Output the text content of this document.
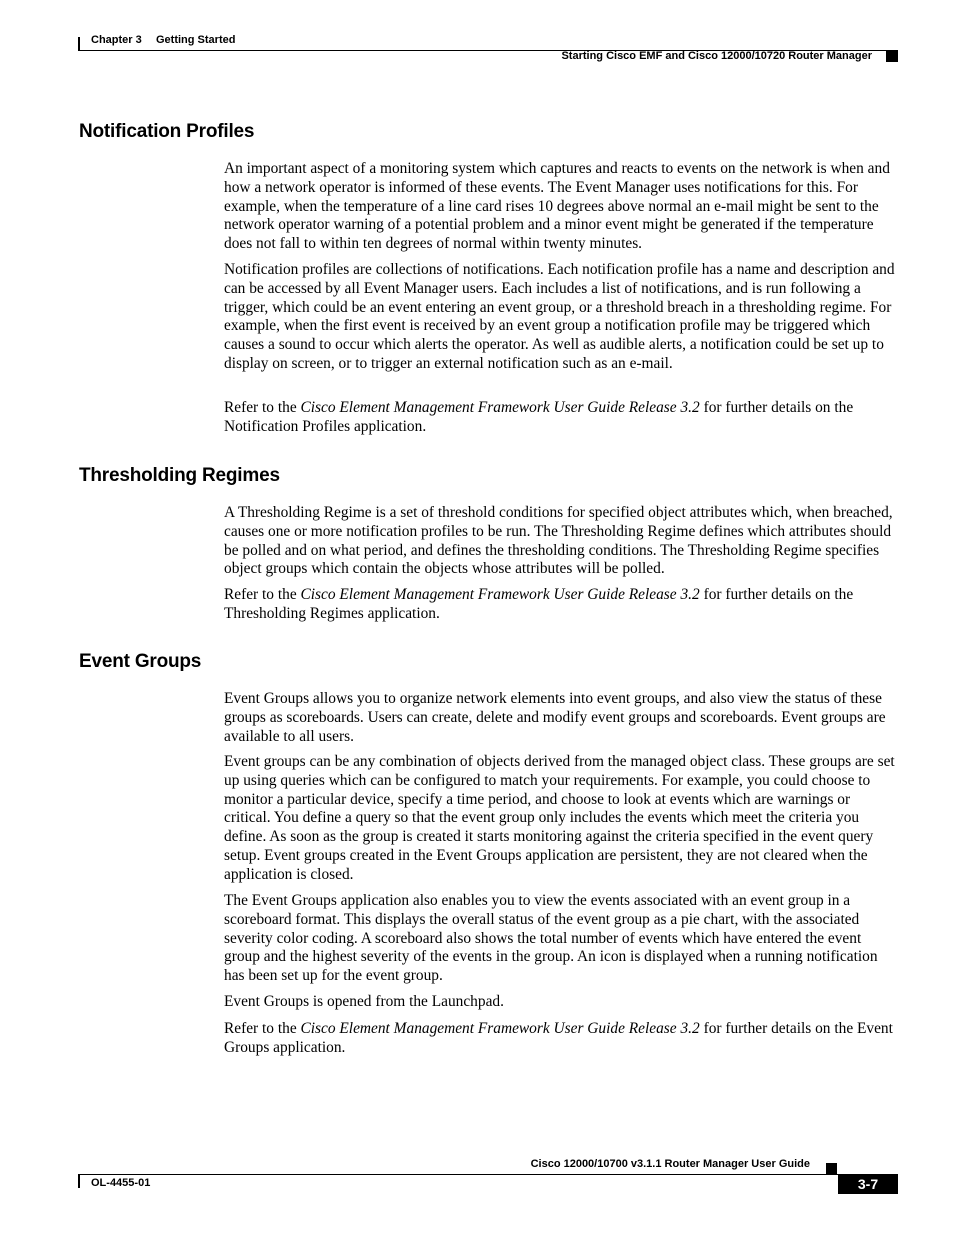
Chapter 3 Getting Started
Starting Cisco EMF and Cisco 12000/10720 Router Manager
Notification Profiles

An important aspect of a monitoring system which captures and reacts to events on the network is when and how a network operator is informed of these events. The Event Manager uses notifications for this. For example, when the temperature of a line card rises 10 degrees above normal an e-mail might be sent to the network operator warning of a potential problem and a minor event might be generated if the temperature does not fall to within ten degrees of normal within twenty minutes.

Notification profiles are collections of notifications. Each notification profile has a name and description and can be accessed by all Event Manager users. Each includes a list of notifications, and is run following a trigger, which could be an event entering an event group, or a threshold breach in a thresholding regime. For example, when the first event is received by an event group a notification profile may be triggered which causes a sound to occur which alerts the operator. As well as audible alerts, a notification could be set up to display on screen, or to trigger an external notification such as an e-mail.

Refer to the Cisco Element Management Framework User Guide Release 3.2 for further details on the Notification Profiles application.

Thresholding Regimes

A Thresholding Regime is a set of threshold conditions for specified object attributes which, when breached, causes one or more notification profiles to be run. The Thresholding Regime defines which attributes should be polled and on what period, and defines the thresholding conditions. The Thresholding Regime specifies object groups which contain the objects whose attributes will be polled.

Refer to the Cisco Element Management Framework User Guide Release 3.2 for further details on the Thresholding Regimes application.

Event Groups

Event Groups allows you to organize network elements into event groups, and also view the status of these groups as scoreboards. Users can create, delete and modify event groups and scoreboards. Event groups are available to all users.

Event groups can be any combination of objects derived from the managed object class. These groups are set up using queries which can be configured to match your requirements. For example, you could choose to monitor a particular device, specify a time period, and choose to look at events which are warnings or critical. You define a query so that the event group only includes the events which meet the criteria you define. As soon as the group is created it starts monitoring against the criteria specified in the event query setup. Event groups created in the Event Groups application are persistent, they are not cleared when the application is closed.

The Event Groups application also enables you to view the events associated with an event group in a scoreboard format. This displays the overall status of the event group as a pie chart, with the associated severity color coding. A scoreboard also shows the total number of events which have entered the event group and the highest severity of the events in the group. An icon is displayed when a running notification has been set up for the event group.

Event Groups is opened from the Launchpad.

Refer to the Cisco Element Management Framework User Guide Release 3.2 for further details on the Event Groups application.

Cisco 12000/10700 v3.1.1 Router Manager User Guide
OL-4455-01	3-7
